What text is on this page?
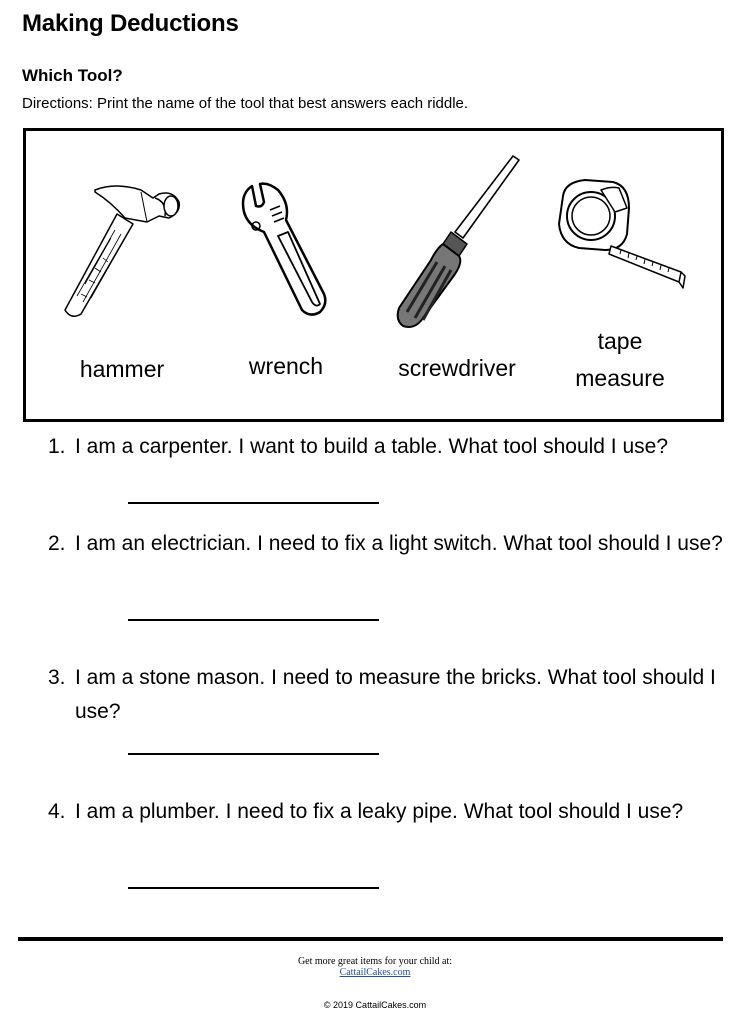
Making Deductions
Which Tool?
Directions: Print the name of the tool that best answers each riddle.
hammer	wrench	screwdriver
tape
measure
1. I am a carpenter. I want to build a table. What tool should I use?
2. I am an electrician. I need to fix a light switch. What tool should I use?
3. I am a stone mason. I need to measure the bricks. What tool should I use?
4. I am a plumber. I need to fix a leaky pipe. What tool should I use?
Get more great items for your child at:
CattailCakes.com
© 2019 CattailCakes.com
